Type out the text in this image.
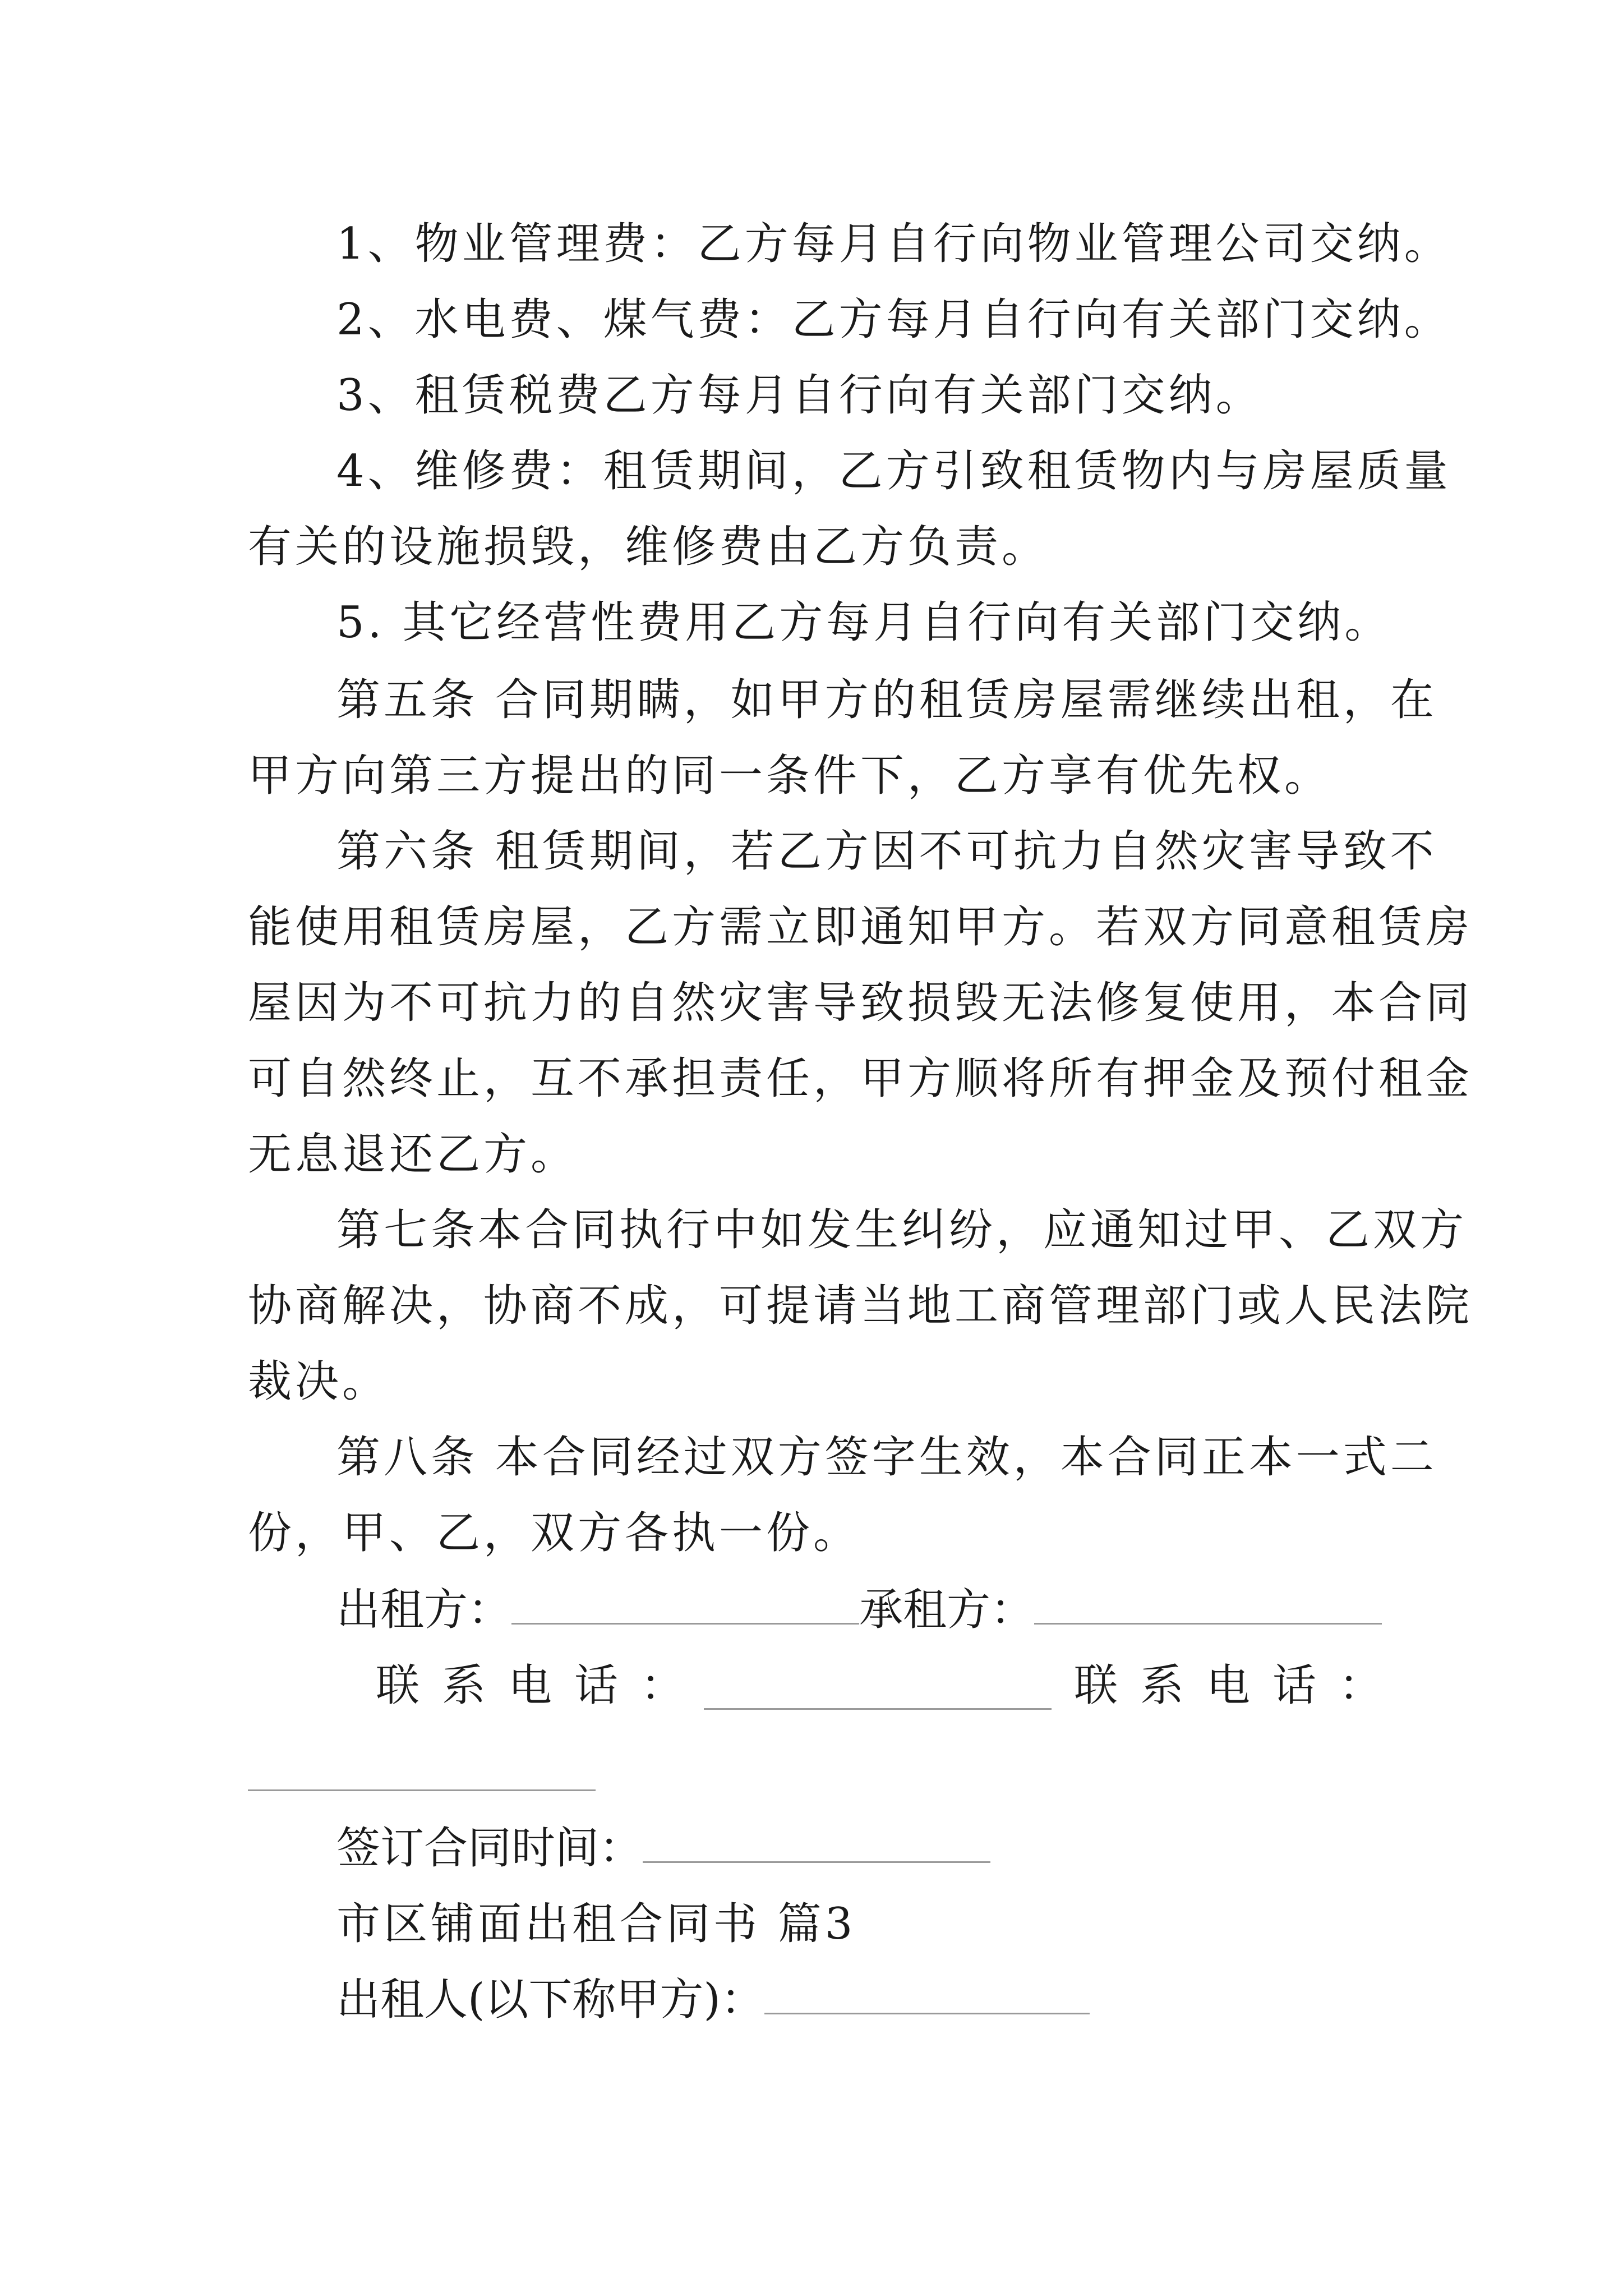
1、物业管理费：乙方每月自行向物业管理公司交纳。
2、水电费、煤气费：乙方每月自行向有关部门交纳。
3、租赁税费乙方每月自行向有关部门交纳。
4、维修费：租赁期间，乙方引致租赁物内与房屋质量
有关的设施损毁，维修费由乙方负责。
5. 其它经营性费用乙方每月自行向有关部门交纳。
第五条 合同期瞒，如甲方的租赁房屋需继续出租，在
甲方向第三方提出的同一条件下，乙方享有优先权。
第六条 租赁期间，若乙方因不可抗力自然灾害导致不
能使用租赁房屋，乙方需立即通知甲方。若双方同意租赁房
屋因为不可抗力的自然灾害导致损毁无法修复使用，本合同
可自然终止，互不承担责任，甲方顺将所有押金及预付租金
无息退还乙方。
第七条本合同执行中如发生纠纷，应通知过甲、乙双方
协商解决，协商不成，可提请当地工商管理部门或人民法院
裁决。
第八条 本合同经过双方签字生效，本合同正本一式二
份，甲、乙，双方各执一份。
出租方：	承租方：
联系电话：	联系电话：
签订合同时间：
市区铺面出租合同书 篇3
出租人(以下称甲方)：
